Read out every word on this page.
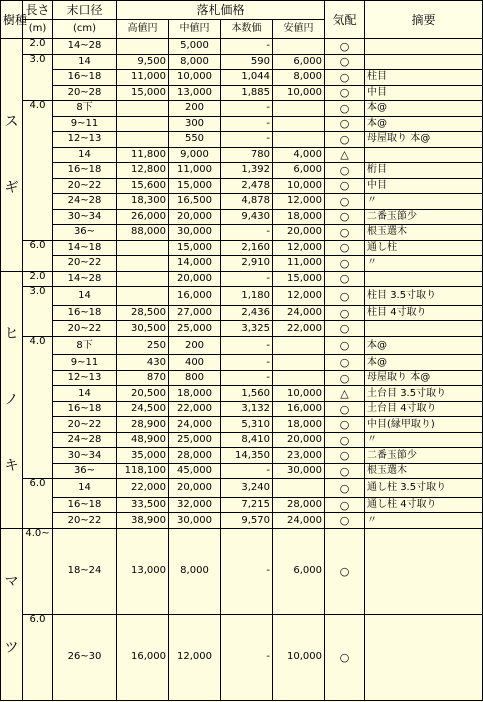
樹種	長さ	末口径	落札価格				気配	摘要
	(m)	(cm)	高値円	中値円	本数価	安値円		

ス
ギ	2.0	14~28		5,000	-		○	
	3.0	14	9,500	8,000	590	6,000	○	
		16~18	11,000	10,000	1,044	8,000	○	柱目
		20~28	15,000	13,000	1,885	10,000	○	中目
	4.0	8下		200	-		○	本@
		9~11		300	-		○	本@
		12~13		550	-		○	母屋取り 本@
		14	11,800	9,000	780	4,000	△	
		16~18	12,800	11,000	1,392	6,000	○	桁目
		20~22	15,600	15,000	2,478	10,000	○	中目
		24~28	18,300	16,500	4,878	12,000	○	〃
		30~34	26,000	20,000	9,430	18,000	○	二番玉節少
		36~	88,000	30,000	-	20,000	○	根玉選木
	6.0	14~18		15,000	2,160	12,000	○	通し柱
		20~22		14,000	2,910	11,000	○	〃

ヒ
ノ
キ	2.0	14~28		20,000	-	15,000	○	
	3.0	14		16,000	1,180	12,000	○	柱目 3.5寸取り
		16~18	28,500	27,000	2,436	24,000	○	柱目 4寸取り
		20~22	30,500	25,000	3,325	22,000	○	
	4.0	8下	250	200	-		○	本@
		9~11	430	400	-		○	本@
		12~13	870	800	-		○	母屋取り 本@
		14	20,500	18,000	1,560	10,000	△	土台目 3.5寸取り
		16~18	24,500	22,000	3,132	16,000	○	土台目 4寸取り
		20~22	28,900	24,000	5,310	18,000	○	中目(縁甲取り)
		24~28	48,900	25,000	8,410	20,000	○	〃
		30~34	35,000	28,000	14,350	23,000	○	二番玉節少
		36~	118,100	45,000	-	30,000	○	根玉選木
	6.0	14	22,000	20,000	3,240		○	通し柱 3.5寸取り
		16~18	33,500	32,000	7,215	28,000	○	通し柱 4寸取り
		20~22	38,900	30,000	9,570	24,000	○	〃

マ
ツ	4.0~	18~24	13,000	8,000	-	6,000	○	
	6.0	26~30	16,000	12,000	-	10,000	○	
